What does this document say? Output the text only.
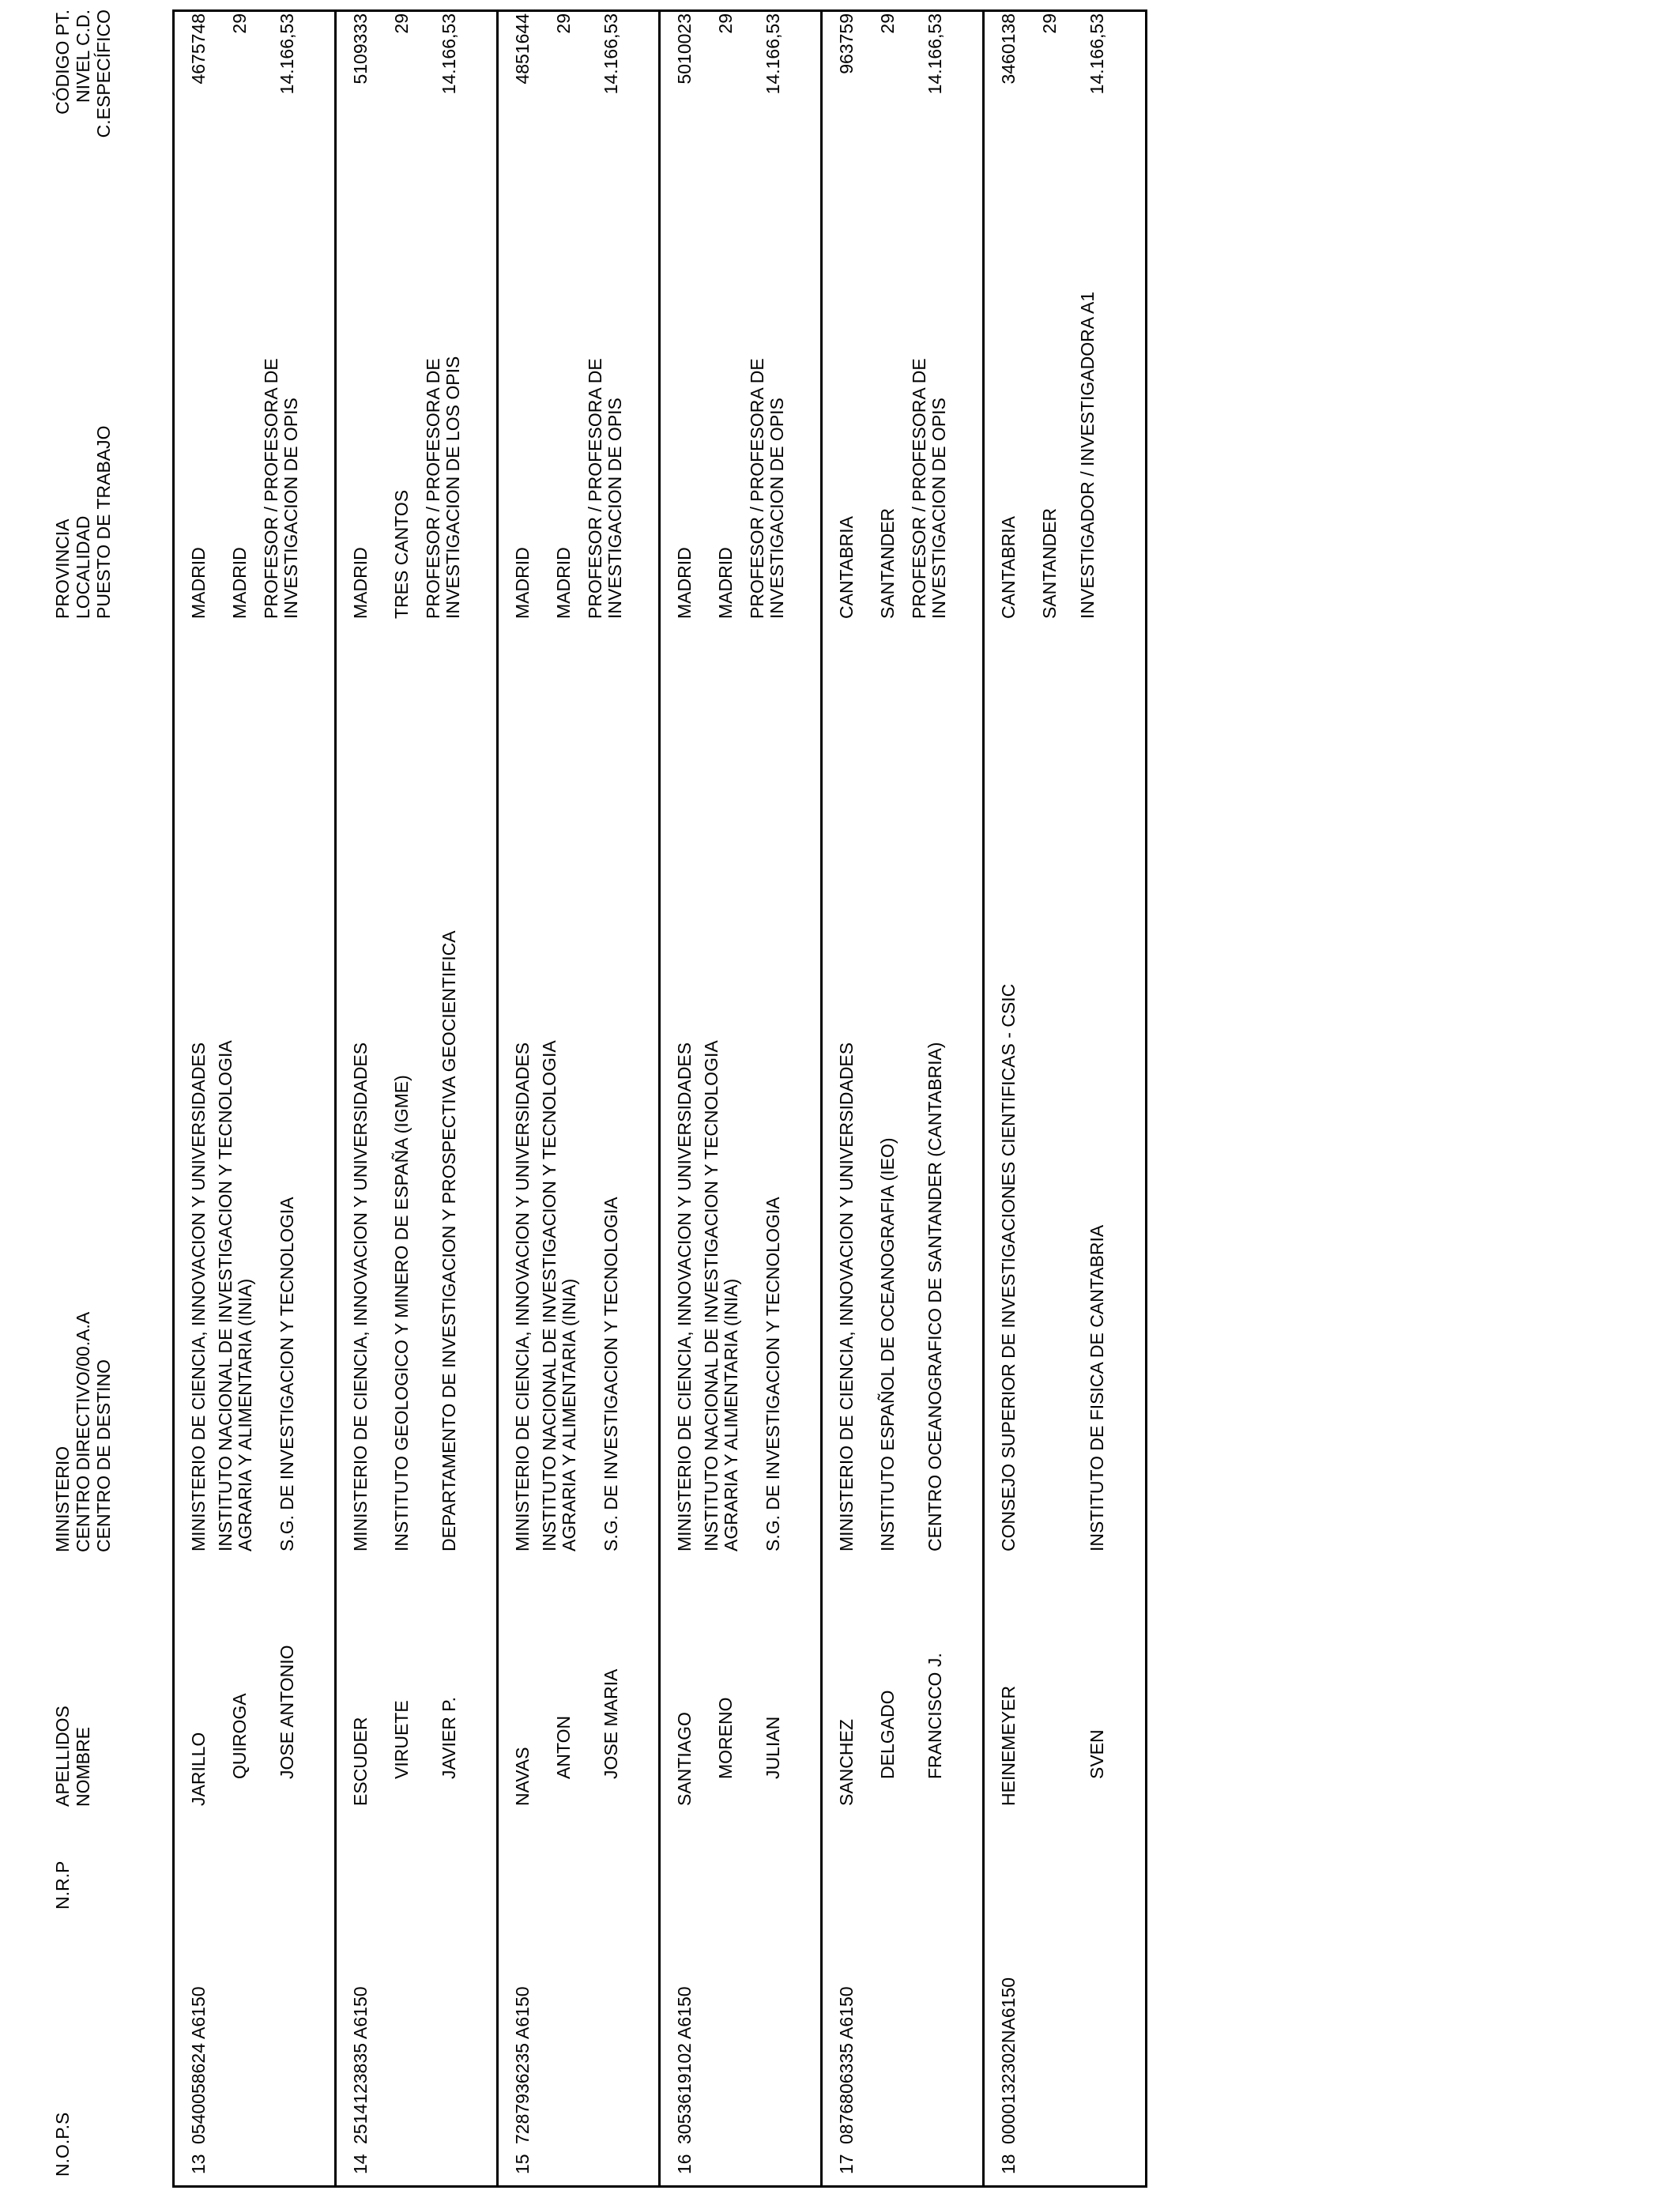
N.O.P.S
N.R.P
APELLIDOS NOMBRE
MINISTERIO CENTRO DIRECTIVO/00.A.A CENTRO DE DESTINO
PROVINCIA LOCALIDAD PUESTO DE TRABAJO
CÓDIGO PT. NIVEL C.D. C.ESPECÍFICO
13
0540058624 A6150
JARILLO QUIROGA JOSE ANTONIO
MINISTERIO DE CIENCIA, INNOVACION Y UNIVERSIDADES INSTITUTO NACIONAL DE INVESTIGACION Y TECNOLOGIA AGRARIA Y ALIMENTARIA (INIA) S.G. DE INVESTIGACION Y TECNOLOGIA
MADRID MADRID PROFESOR / PROFESORA DE INVESTIGACION DE OPIS
4675748 29 14.166,53
14
2514123835 A6150
ESCUDER VIRUETE JAVIER P.
MINISTERIO DE CIENCIA, INNOVACION Y UNIVERSIDADES INSTITUTO GEOLOGICO Y MINERO DE ESPAÑA (IGME) DEPARTAMENTO DE INVESTIGACION Y PROSPECTIVA GEOCIENTIFICA
MADRID TRES CANTOS PROFESOR / PROFESORA DE INVESTIGACION DE LOS OPIS
5109333 29 14.166,53
15
7287936235 A6150
NAVAS ANTON JOSE MARIA
MINISTERIO DE CIENCIA, INNOVACION Y UNIVERSIDADES INSTITUTO NACIONAL DE INVESTIGACION Y TECNOLOGIA AGRARIA Y ALIMENTARIA (INIA) S.G. DE INVESTIGACION Y TECNOLOGIA
MADRID MADRID PROFESOR / PROFESORA DE INVESTIGACION DE OPIS
4851644 29 14.166,53
16
3053619102 A6150
SANTIAGO MORENO JULIAN
MINISTERIO DE CIENCIA, INNOVACION Y UNIVERSIDADES INSTITUTO NACIONAL DE INVESTIGACION Y TECNOLOGIA AGRARIA Y ALIMENTARIA (INIA) S.G. DE INVESTIGACION Y TECNOLOGIA
MADRID MADRID PROFESOR / PROFESORA DE INVESTIGACION DE OPIS
5010023 29 14.166,53
17
0876806335 A6150
SANCHEZ DELGADO FRANCISCO J.
MINISTERIO DE CIENCIA, INNOVACION Y UNIVERSIDADES INSTITUTO ESPAÑOL DE OCEANOGRAFIA (IEO) CENTRO OCEANOGRAFICO DE SANTANDER (CANTABRIA)
CANTABRIA SANTANDER PROFESOR / PROFESORA DE INVESTIGACION DE OPIS
963759 29 14.166,53
18
0000132302NA6150
HEINEMEYER	SVEN
CONSEJO SUPERIOR DE INVESTIGACIONES CIENTIFICAS - CSIC	INSTITUTO DE FISICA DE CANTABRIA
CANTABRIA SANTANDER INVESTIGADOR / INVESTIGADORA A1
3460138 29 14.166,53
